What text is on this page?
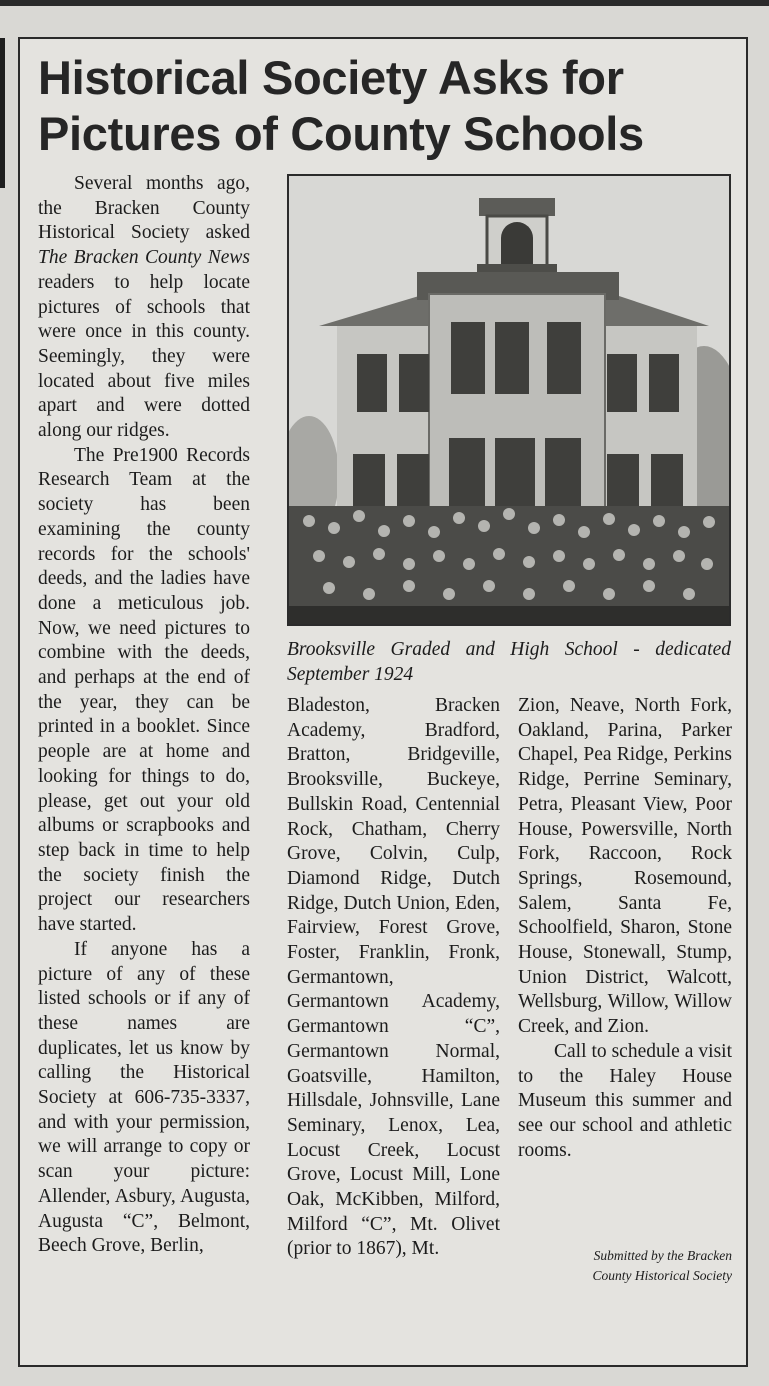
Historical Society Asks for
Pictures of County Schools

Several months ago, the Bracken County Historical Society asked The Bracken County News readers to help locate pictures of schools that were once in this county. Seemingly, they were located about five miles apart and were dotted along our ridges.

The Pre1900 Records Research Team at the society has been examining the county records for the schools' deeds, and the ladies have done a meticulous job. Now, we need pictures to combine with the deeds, and perhaps at the end of the year, they can be printed in a booklet. Since people are at home and looking for things to do, please, get out your old albums or scrapbooks and step back in time to help the society finish the project our researchers have started.

If anyone has a picture of any of these listed schools or if any of these names are duplicates, let us know by calling the Historical Society at 606-735-3337, and with your permission, we will arrange to copy or scan your picture: Allender, Asbury, Augusta, Augusta “C”, Belmont, Beech Grove, Berlin,

Brooksville Graded and High School - dedicated September 1924

Bladeston, Bracken Academy, Bradford, Bratton, Bridgeville, Brooksville, Buckeye, Bullskin Road, Centennial Rock, Chatham, Cherry Grove, Colvin, Culp, Diamond Ridge, Dutch Ridge, Dutch Union, Eden, Fairview, Forest Grove, Foster, Franklin, Fronk, Germantown, Germantown Academy, Germantown “C”, Germantown Normal, Goatsville, Hamilton, Hillsdale, Johnsville, Lane Seminary, Lenox, Lea, Locust Creek, Locust Grove, Locust Mill, Lone Oak, McKibben, Milford, Milford “C”, Mt. Olivet (prior to 1867), Mt.

Zion, Neave, North Fork, Oakland, Parina, Parker Chapel, Pea Ridge, Perkins Ridge, Perrine Seminary, Petra, Pleasant View, Poor House, Powersville, North Fork, Raccoon, Rock Springs, Rosemound, Salem, Santa Fe, Schoolfield, Sharon, Stone House, Stonewall, Stump, Union District, Walcott, Wellsburg, Willow, Willow Creek, and Zion.

Call to schedule a visit to the Haley House Museum this summer and see our school and athletic rooms.

Submitted by the Bracken
County Historical Society
